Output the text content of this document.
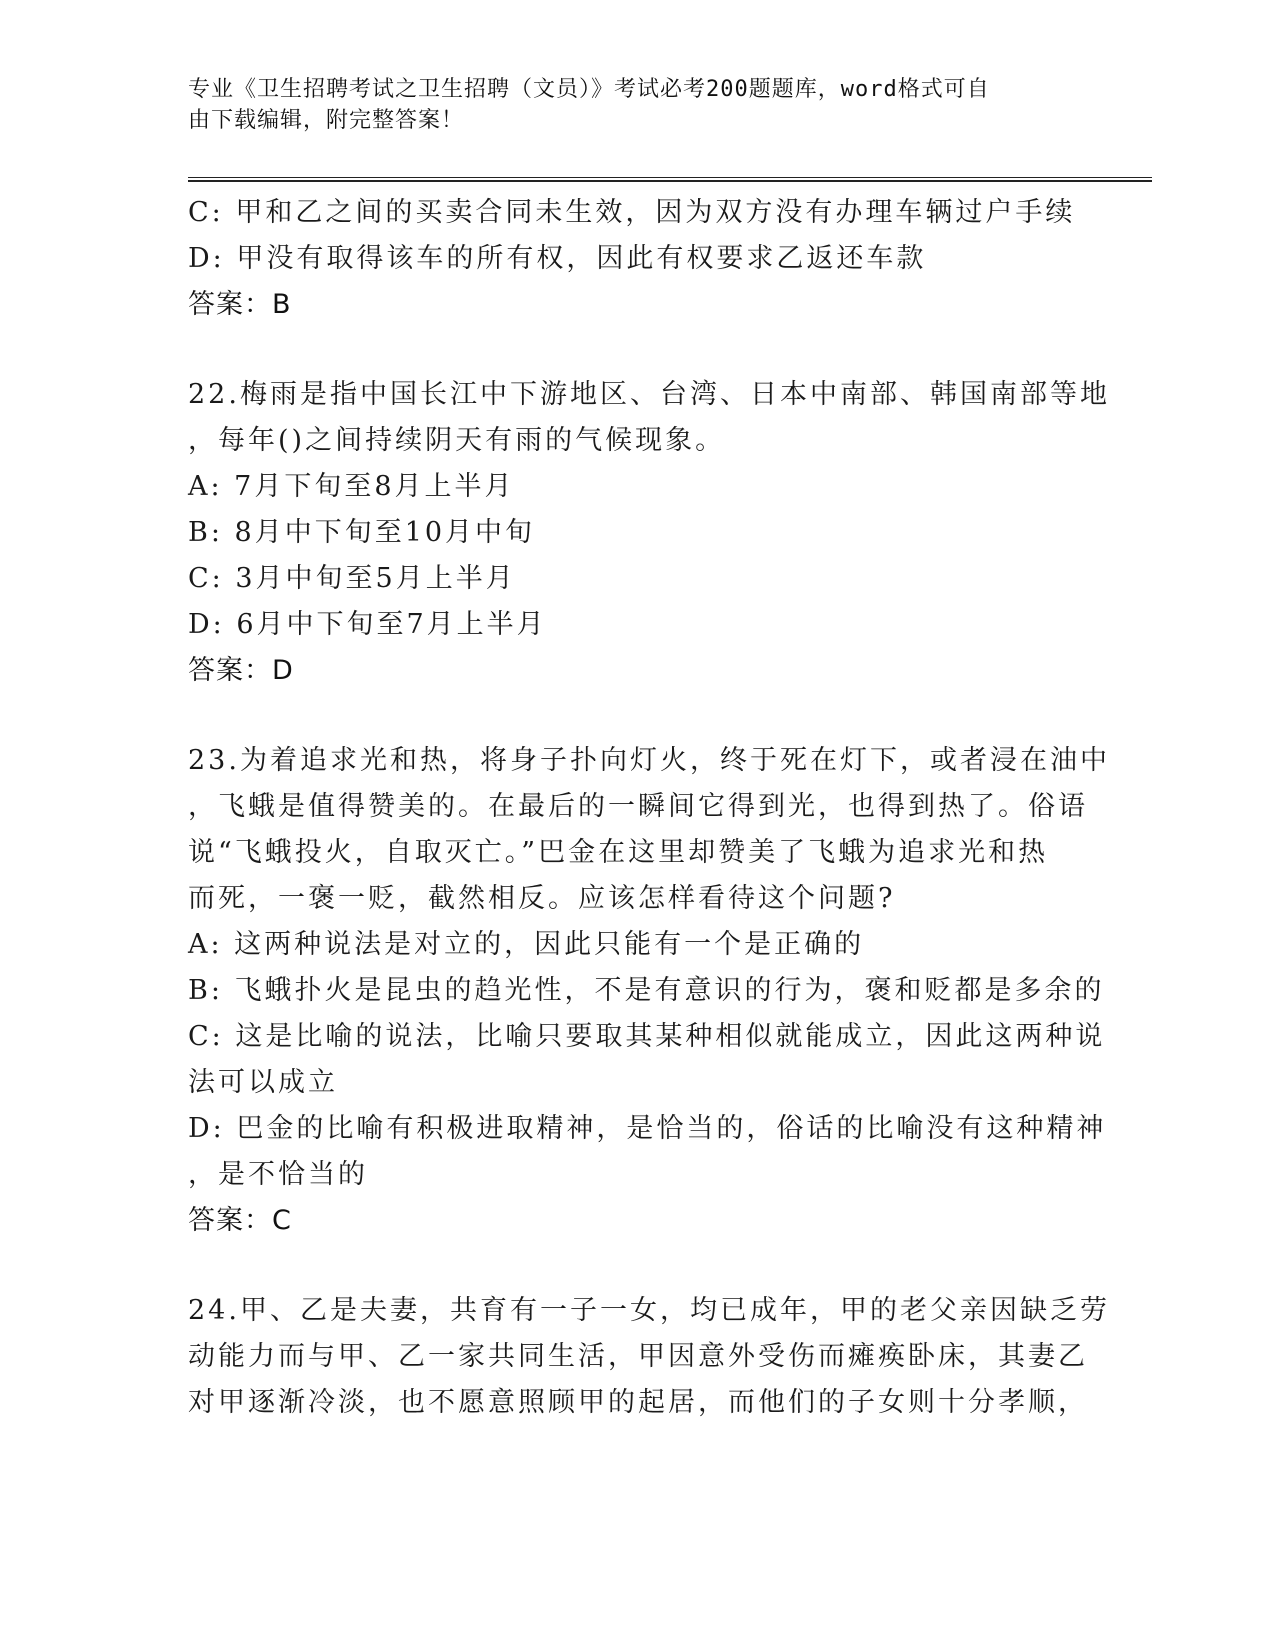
专业《卫生招聘考试之卫生招聘（文员）》考试必考200题题库，word格式可自
由下载编辑，附完整答案！
C: 甲和乙之间的买卖合同未生效，因为双方没有办理车辆过户手续
D: 甲没有取得该车的所有权，因此有权要求乙返还车款
答案：B
22.梅雨是指中国长江中下游地区、台湾、日本中南部、韩国南部等地
，每年()之间持续阴天有雨的气候现象。
A: 7月下旬至8月上半月
B: 8月中下旬至10月中旬
C: 3月中旬至5月上半月
D: 6月中下旬至7月上半月
答案：D
23.为着追求光和热，将身子扑向灯火，终于死在灯下，或者浸在油中
，飞蛾是值得赞美的。在最后的一瞬间它得到光，也得到热了。俗语
说“飞蛾投火，自取灭亡。”巴金在这里却赞美了飞蛾为追求光和热
而死，一褒一贬，截然相反。应该怎样看待这个问题?
A: 这两种说法是对立的，因此只能有一个是正确的
B: 飞蛾扑火是昆虫的趋光性，不是有意识的行为，褒和贬都是多余的
C: 这是比喻的说法，比喻只要取其某种相似就能成立，因此这两种说
法可以成立
D: 巴金的比喻有积极进取精神，是恰当的，俗话的比喻没有这种精神
，是不恰当的
答案：C
24.甲、乙是夫妻，共育有一子一女，均已成年，甲的老父亲因缺乏劳
动能力而与甲、乙一家共同生活，甲因意外受伤而瘫痪卧床，其妻乙
对甲逐渐冷淡，也不愿意照顾甲的起居，而他们的子女则十分孝顺，
